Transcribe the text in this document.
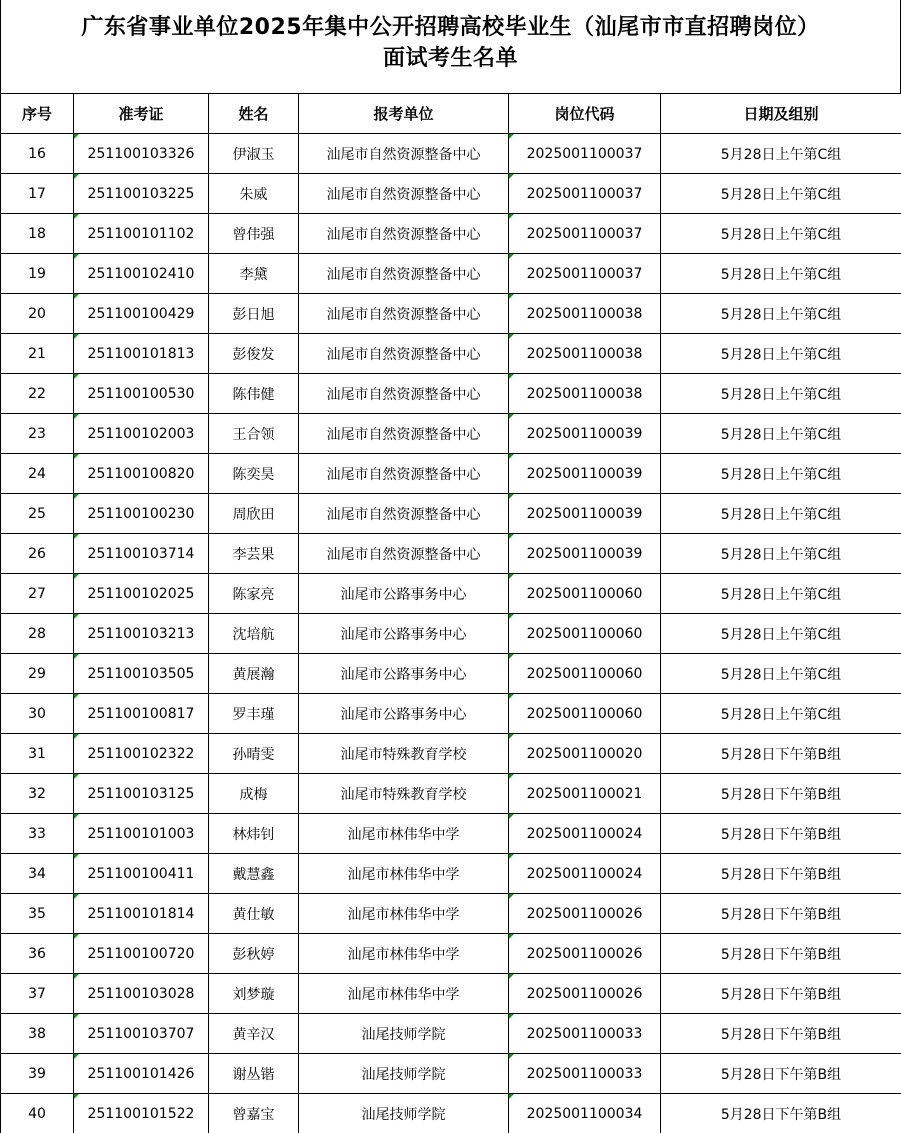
广东省事业单位2025年集中公开招聘高校毕业生（汕尾市市直招聘岗位）
面试考生名单
序号	准考证	姓名	报考单位	岗位代码	日期及组别
16	251100103326	伊淑玉	汕尾市自然资源整备中心	2025001100037	5月28日上午第C组
17	251100103225	朱威	汕尾市自然资源整备中心	2025001100037	5月28日上午第C组
18	251100101102	曾伟强	汕尾市自然资源整备中心	2025001100037	5月28日上午第C组
19	251100102410	李黛	汕尾市自然资源整备中心	2025001100037	5月28日上午第C组
20	251100100429	彭日旭	汕尾市自然资源整备中心	2025001100038	5月28日上午第C组
21	251100101813	彭俊发	汕尾市自然资源整备中心	2025001100038	5月28日上午第C组
22	251100100530	陈伟健	汕尾市自然资源整备中心	2025001100038	5月28日上午第C组
23	251100102003	王合领	汕尾市自然资源整备中心	2025001100039	5月28日上午第C组
24	251100100820	陈奕昊	汕尾市自然资源整备中心	2025001100039	5月28日上午第C组
25	251100100230	周欣田	汕尾市自然资源整备中心	2025001100039	5月28日上午第C组
26	251100103714	李芸果	汕尾市自然资源整备中心	2025001100039	5月28日上午第C组
27	251100102025	陈家亮	汕尾市公路事务中心	2025001100060	5月28日上午第C组
28	251100103213	沈培航	汕尾市公路事务中心	2025001100060	5月28日上午第C组
29	251100103505	黄展瀚	汕尾市公路事务中心	2025001100060	5月28日上午第C组
30	251100100817	罗丰瑾	汕尾市公路事务中心	2025001100060	5月28日上午第C组
31	251100102322	孙晴雯	汕尾市特殊教育学校	2025001100020	5月28日下午第B组
32	251100103125	成梅	汕尾市特殊教育学校	2025001100021	5月28日下午第B组
33	251100101003	林炜钊	汕尾市林伟华中学	2025001100024	5月28日下午第B组
34	251100100411	戴慧鑫	汕尾市林伟华中学	2025001100024	5月28日下午第B组
35	251100101814	黄仕敏	汕尾市林伟华中学	2025001100026	5月28日下午第B组
36	251100100720	彭秋婷	汕尾市林伟华中学	2025001100026	5月28日下午第B组
37	251100103028	刘梦璇	汕尾市林伟华中学	2025001100026	5月28日下午第B组
38	251100103707	黄辛汉	汕尾技师学院	2025001100033	5月28日下午第B组
39	251100101426	谢丛锴	汕尾技师学院	2025001100033	5月28日下午第B组
40	251100101522	曾嘉宝	汕尾技师学院	2025001100034	5月28日下午第B组
